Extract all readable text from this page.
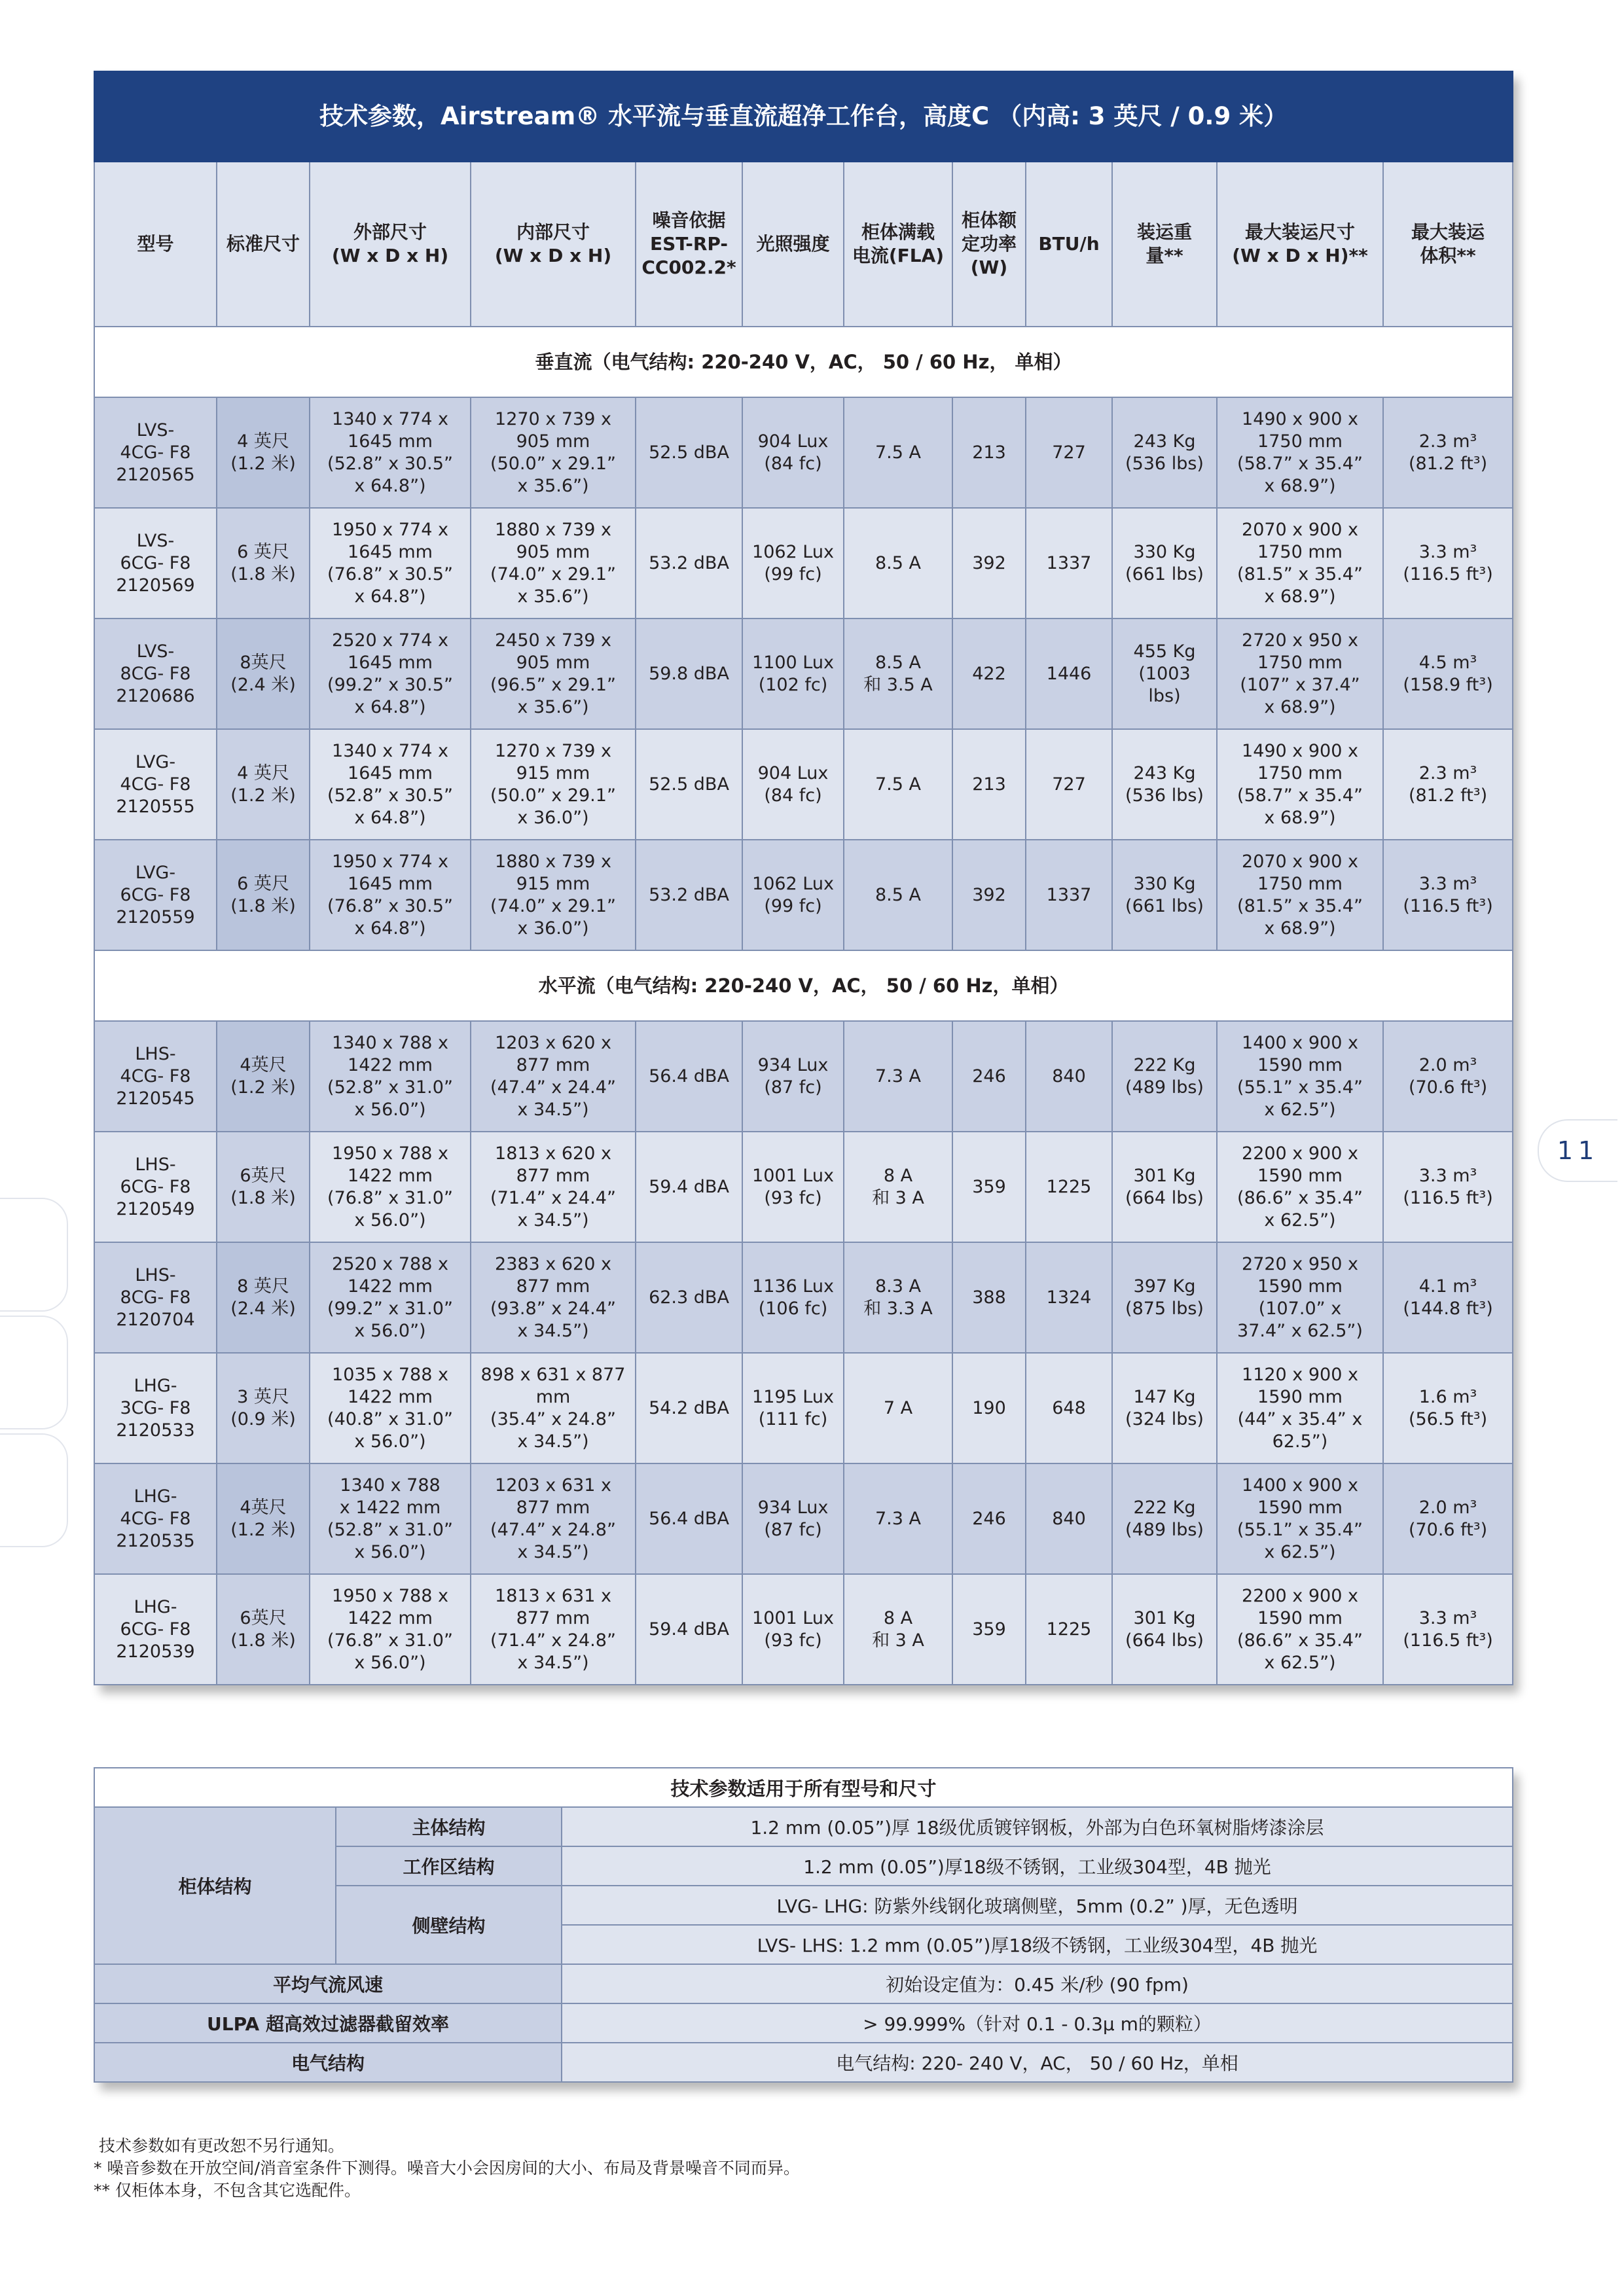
11
技术参数，Airstream® 水平流与垂直流超净工作台，高度C （内高: 3 英尺 / 0.9 米）											
型号	标准尺寸	外部尺寸
(W x D x H)	内部尺寸
(W x D x H)	噪音依据
EST-RP-
CC002.2*	光照强度	柜体满载
电流(FLA)	柜体额
定功率
(W)	BTU/h	装运重
量**	最大装运尺寸
(W x D x H)**	最大装运
体积**
垂直流（电气结构: 220-240 V，AC， 50 / 60 Hz， 单相）											
LVS-
4CG- F8
2120565	4 英尺
(1.2 米)	1340 x 774 x
1645 mm
(52.8” x 30.5”
x 64.8”)	1270 x 739 x
905 mm
(50.0” x 29.1”
x 35.6”)	52.5 dBA	904 Lux
(84 fc)	7.5 A	213	727	243 Kg
(536 lbs)	1490 x 900 x
1750 mm
(58.7” x 35.4”
x 68.9”)	2.3 m³
(81.2 ft³)
LVS-
6CG- F8
2120569	6 英尺
(1.8 米)	1950 x 774 x
1645 mm
(76.8” x 30.5”
x 64.8”)	1880 x 739 x
905 mm
(74.0” x 29.1”
x 35.6”)	53.2 dBA	1062 Lux
(99 fc)	8.5 A	392	1337	330 Kg
(661 lbs)	2070 x 900 x
1750 mm
(81.5” x 35.4”
x 68.9”)	3.3 m³
(116.5 ft³)
LVS-
8CG- F8
2120686	8英尺
(2.4 米)	2520 x 774 x
1645 mm
(99.2” x 30.5”
x 64.8”)	2450 x 739 x
905 mm
(96.5” x 29.1”
x 35.6”)	59.8 dBA	1100 Lux
(102 fc)	8.5 A
和 3.5 A	422	1446	455 Kg
(1003
lbs)	2720 x 950 x
1750 mm
(107” x 37.4”
x 68.9”)	4.5 m³
(158.9 ft³)
LVG-
4CG- F8
2120555	4 英尺
(1.2 米)	1340 x 774 x
1645 mm
(52.8” x 30.5”
x 64.8”)	1270 x 739 x
915 mm
(50.0” x 29.1”
x 36.0”)	52.5 dBA	904 Lux
(84 fc)	7.5 A	213	727	243 Kg
(536 lbs)	1490 x 900 x
1750 mm
(58.7” x 35.4”
x 68.9”)	2.3 m³
(81.2 ft³)
LVG-
6CG- F8
2120559	6 英尺
(1.8 米)	1950 x 774 x
1645 mm
(76.8” x 30.5”
x 64.8”)	1880 x 739 x
915 mm
(74.0” x 29.1”
x 36.0”)	53.2 dBA	1062 Lux
(99 fc)	8.5 A	392	1337	330 Kg
(661 lbs)	2070 x 900 x
1750 mm
(81.5” x 35.4”
x 68.9”)	3.3 m³
(116.5 ft³)
水平流（电气结构: 220-240 V，AC， 50 / 60 Hz，单相）											
LHS-
4CG- F8
2120545	4英尺
(1.2 米)	1340 x 788 x
1422 mm
(52.8” x 31.0”
x 56.0”)	1203 x 620 x
877 mm
(47.4” x 24.4”
x 34.5”)	56.4 dBA	934 Lux
(87 fc)	7.3 A	246	840	222 Kg
(489 lbs)	1400 x 900 x
1590 mm
(55.1” x 35.4”
x 62.5”)	2.0 m³
(70.6 ft³)
LHS-
6CG- F8
2120549	6英尺
(1.8 米)	1950 x 788 x
1422 mm
(76.8” x 31.0”
x 56.0”)	1813 x 620 x
877 mm
(71.4” x 24.4”
x 34.5”)	59.4 dBA	1001 Lux
(93 fc)	8 A
和 3 A	359	1225	301 Kg
(664 lbs)	2200 x 900 x
1590 mm
(86.6” x 35.4”
x 62.5”)	3.3 m³
(116.5 ft³)
LHS-
8CG- F8
2120704	8 英尺
(2.4 米)	2520 x 788 x
1422 mm
(99.2” x 31.0”
x 56.0”)	2383 x 620 x
877 mm
(93.8” x 24.4”
x 34.5”)	62.3 dBA	1136 Lux
(106 fc)	8.3 A
和 3.3 A	388	1324	397 Kg
(875 lbs)	2720 x 950 x
1590 mm
(107.0” x
37.4” x 62.5”)	4.1 m³
(144.8 ft³)
LHG-
3CG- F8
2120533	3 英尺
(0.9 米)	1035 x 788 x
1422 mm
(40.8” x 31.0”
x 56.0”)	898 x 631 x 877
mm
(35.4” x 24.8”
x 34.5”)	54.2 dBA	1195 Lux
(111 fc)	7 A	190	648	147 Kg
(324 lbs)	1120 x 900 x
1590 mm
(44” x 35.4” x
62.5”)	1.6 m³
(56.5 ft³)
LHG-
4CG- F8
2120535	4英尺
(1.2 米)	1340 x 788
x 1422 mm
(52.8” x 31.0”
x 56.0”)	1203 x 631 x
877 mm
(47.4” x 24.8”
x 34.5”)	56.4 dBA	934 Lux
(87 fc)	7.3 A	246	840	222 Kg
(489 lbs)	1400 x 900 x
1590 mm
(55.1” x 35.4”
x 62.5”)	2.0 m³
(70.6 ft³)
LHG-
6CG- F8
2120539	6英尺
(1.8 米)	1950 x 788 x
1422 mm
(76.8” x 31.0”
x 56.0”)	1813 x 631 x
877 mm
(71.4” x 24.8”
x 34.5”)	59.4 dBA	1001 Lux
(93 fc)	8 A
和 3 A	359	1225	301 Kg
(664 lbs)	2200 x 900 x
1590 mm
(86.6” x 35.4”
x 62.5”)	3.3 m³
(116.5 ft³)
技术参数适用于所有型号和尺寸		
柜体结构	主体结构	1.2 mm (0.05”)厚 18级优质镀锌钢板，外部为白色环氧树脂烤漆涂层
	工作区结构	1.2 mm (0.05”)厚18级不锈钢，工业级304型，4B 抛光
	侧壁结构	LVG- LHG: 防紫外线钢化玻璃侧壁，5mm (0.2” )厚，无色透明
		LVS- LHS: 1.2 mm (0.05”)厚18级不锈钢，工业级304型，4B 抛光
平均气流风速		初始设定值为：0.45 米/秒 (90 fpm)
ULPA 超高效过滤器截留效率		> 99.999%（针对 0.1 - 0.3μ m的颗粒）
电气结构		电气结构: 220- 240 V，AC， 50 / 60 Hz，单相
技术参数如有更改恕不另行通知。
* 噪音参数在开放空间/消音室条件下测得。噪音大小会因房间的大小、布局及背景噪音不同而异。
** 仅柜体本身，不包含其它选配件。
